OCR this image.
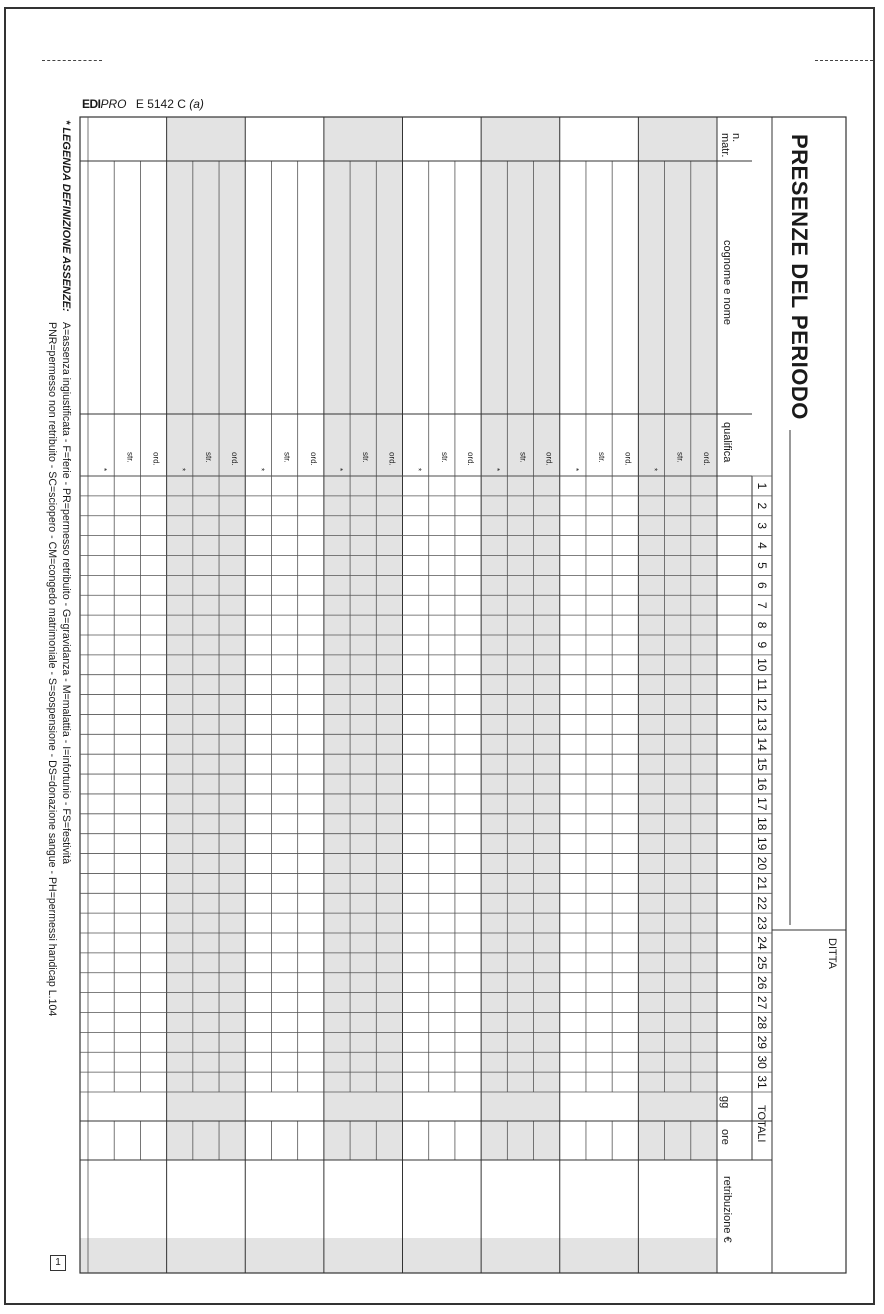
EDIPRO E 5142 C (a)
*
str. ord.
*
str. ord.
*
str. ord.
*
str. ord.
*
str. ord.
*
str. ord.
*
str. ord.
*
str. ord.
1
2
3
4
5
6
7
8
9
10
11
12
13
14
15
16
17
18
19
20
21
22
23
24
25
26
27
28
29
30
31
PRESENZE DEL PERIODO
DITTA
n. matr.
cognome e nome
qualifica
TOTALI
gg
ore
retribuzione €
* LEGENDA DEFINIZIONE ASSENZE:
A=assenza ingiustificata - F=ferie - PR=permesso retribuito - G=gravidanza - M=malattia - I=infortunio - FS=festività
PNR=permesso non retribuito - SC=sciopero - CM=congedo matrimoniale - S=sospensione - DS=donazione sangue - PH=permessi handicap L.104
1
